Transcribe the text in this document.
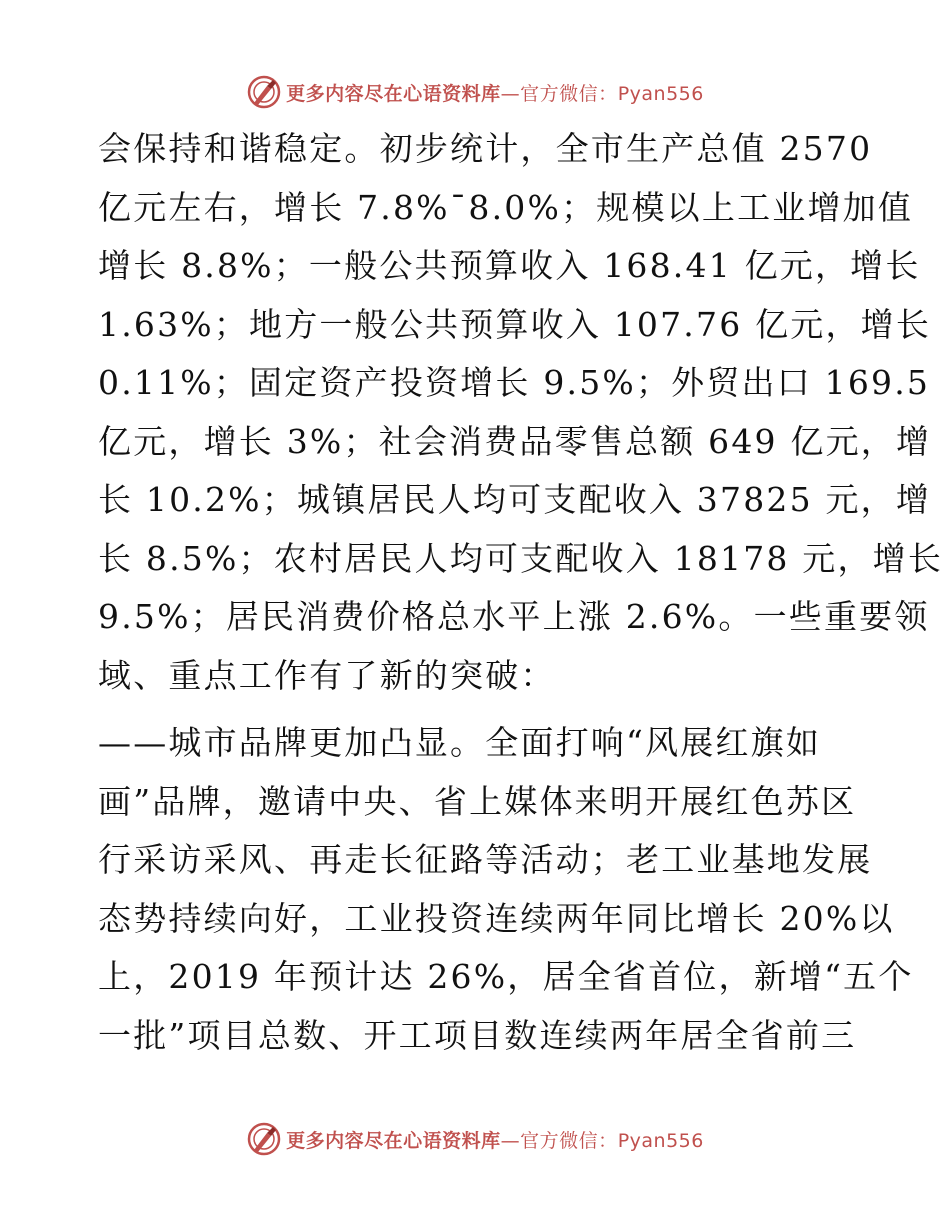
更多内容尽在心语资料库—官方微信：Pyan556
会保持和谐稳定。初步统计，全市生产总值 2570
亿元左右，增长 7.8%¯8.0%；规模以上工业增加值
增长 8.8%；一般公共预算收入 168.41 亿元，增长
1.63%；地方一般公共预算收入 107.76 亿元，增长
0.11%；固定资产投资增长 9.5%；外贸出口 169.5
亿元，增长 3%；社会消费品零售总额 649 亿元，增
长 10.2%；城镇居民人均可支配收入 37825 元，增
长 8.5%；农村居民人均可支配收入 18178 元，增长
9.5%；居民消费价格总水平上涨 2.6%。一些重要领
域、重点工作有了新的突破：
——城市品牌更加凸显。全面打响“风展红旗如
画”品牌，邀请中央、省上媒体来明开展红色苏区
行采访采风、再走长征路等活动；老工业基地发展
态势持续向好，工业投资连续两年同比增长 20%以
上，2019 年预计达 26%，居全省首位，新增“五个
一批”项目总数、开工项目数连续两年居全省前三
更多内容尽在心语资料库—官方微信：Pyan556
